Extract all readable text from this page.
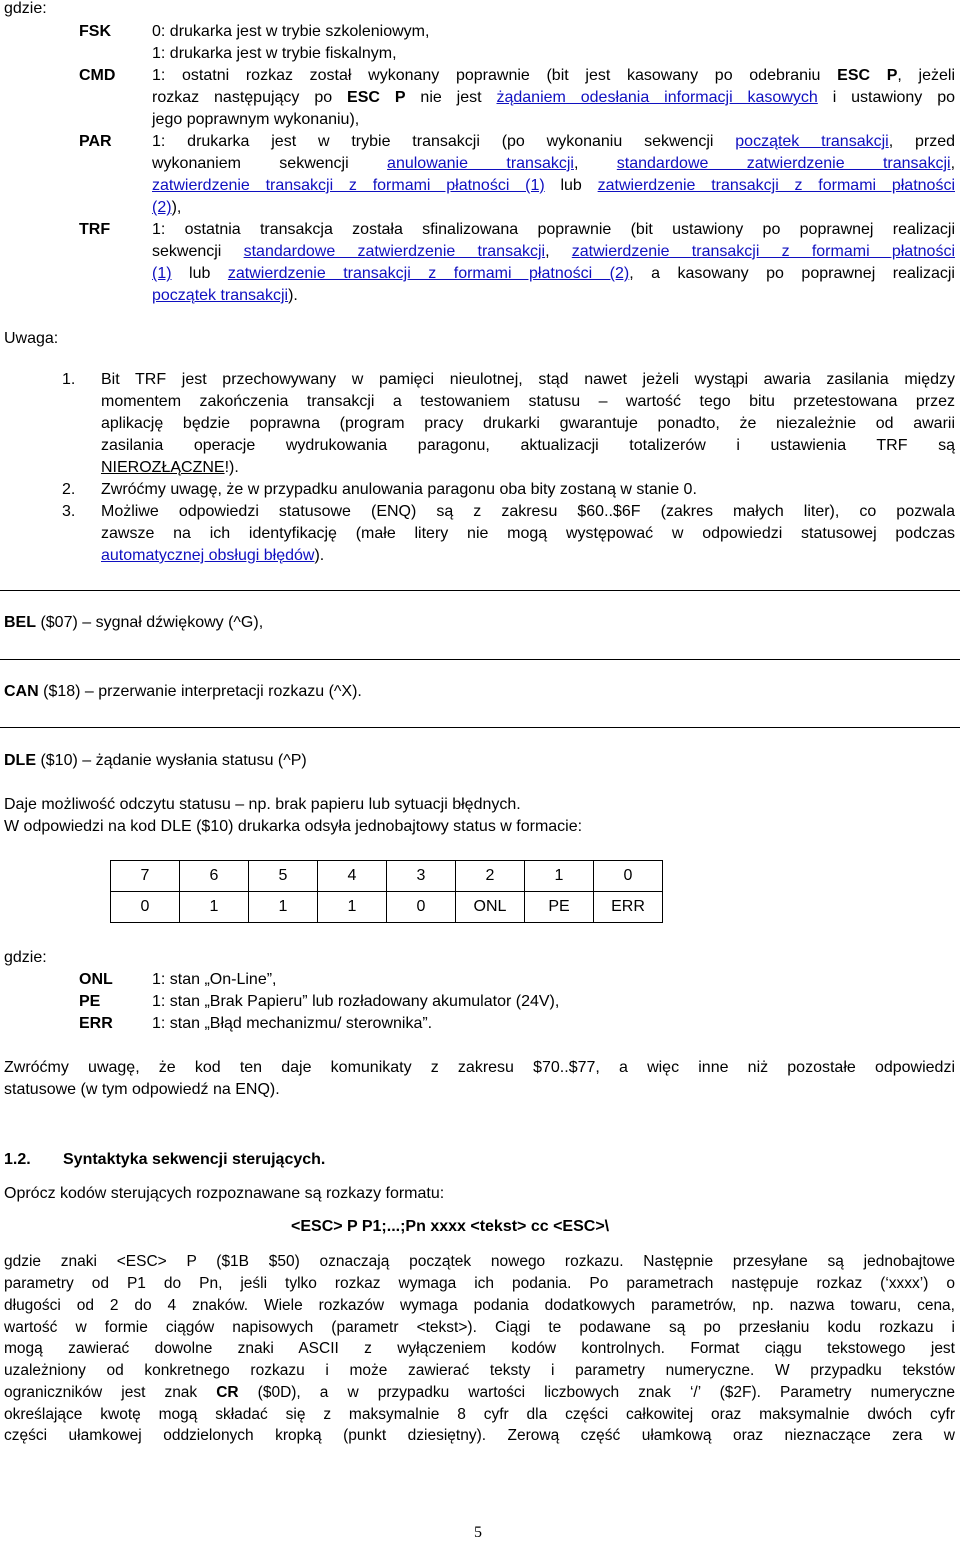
gdzie:
FSK	0: drukarka jest w trybie szkoleniowym,
1: drukarka jest w trybie fiskalnym,
CMD 1: ostatni rozkaz został wykonany poprawnie (bit jest kasowany po odebraniu ESC P, jeżeli
rozkaz następujący po ESC P nie jest żądaniem odesłania informacji kasowych i ustawiony po
jego poprawnym wykonaniu),
PAR	1: drukarka jest w trybie transakcji (po wykonaniu sekwencji początek transakcji, przed
wykonaniem sekwencji anulowanie transakcji, standardowe zatwierdzenie transakcji,
zatwierdzenie transakcji z formami płatności (1) lub zatwierdzenie transakcji z formami płatności
(2)),
TRF	1: ostatnia transakcja została sfinalizowana poprawnie (bit ustawiony po poprawnej realizacji
sekwencji standardowe zatwierdzenie transakcji, zatwierdzenie transakcji z formami płatności
(1) lub zatwierdzenie transakcji z formami płatności (2), a kasowany po poprawnej realizacji
początek transakcji).
Uwaga:
1. Bit TRF jest przechowywany w pamięci nieulotnej, stąd nawet jeżeli wystąpi awaria zasilania między
momentem zakończenia transakcji a testowaniem statusu – wartość tego bitu przetestowana przez
aplikację będzie poprawna (program pracy drukarki gwarantuje ponadto, że niezależnie od awarii
zasilania operacje wydrukowania paragonu, aktualizacji totalizerów i ustawienia TRF są
NIEROZŁĄCZNE!).
2. Zwróćmy uwagę, że w przypadku anulowania paragonu oba bity zostaną w stanie 0.
3. Możliwe odpowiedzi statusowe (ENQ) są z zakresu $60..$6F (zakres małych liter), co pozwala
zawsze na ich identyfikację (małe litery nie mogą występować w odpowiedzi statusowej podczas
automatycznej obsługi błędów).
BEL ($07) – sygnał dźwiękowy (^G),
CAN ($18) – przerwanie interpretacji rozkazu (^X).
DLE ($10) – żądanie wysłania statusu (^P)
Daje możliwość odczytu statusu – np. brak papieru lub sytuacji błędnych.
W odpowiedzi na kod DLE ($10) drukarka odsyła jednobajtowy status w formacie:
7	6	5	4	3	2	1	0
0	1	1	1	0	ONL	PE	ERR
gdzie:
ONL 1: stan „On-Line”,
PE	1: stan „Brak Papieru” lub rozładowany akumulator (24V),
ERR 1: stan „Błąd mechanizmu/ sterownika”.
Zwróćmy uwagę, że kod ten daje komunikaty z zakresu $70..$77, a więc inne niż pozostałe odpowiedzi
statusowe (w tym odpowiedź na ENQ).
1.2. Syntaktyka sekwencji sterujących.
Oprócz kodów sterujących rozpoznawane są rozkazy formatu:
<ESC> P P1;...;Pn xxxx <tekst> cc <ESC>\
gdzie znaki <ESC> P ($1B $50) oznaczają początek nowego rozkazu. Następnie przesyłane są jednobajtowe
parametry od P1 do Pn, jeśli tylko rozkaz wymaga ich podania. Po parametrach następuje rozkaz (‘xxxx’) o
długości od 2 do 4 znaków. Wiele rozkazów wymaga podania dodatkowych parametrów, np. nazwa towaru, cena,
wartość w formie ciągów napisowych (parametr <tekst>). Ciągi te podawane są po przesłaniu kodu rozkazu i
mogą zawierać dowolne znaki ASCII z wyłączeniem kodów kontrolnych. Format ciągu tekstowego jest
uzależniony od konkretnego rozkazu i może zawierać teksty i parametry numeryczne. W przypadku tekstów
ograniczników jest znak CR ($0D), a w przypadku wartości liczbowych znak ‘/’ ($2F). Parametry numeryczne
określające kwotę mogą składać się z maksymalnie 8 cyfr dla części całkowitej oraz maksymalnie dwóch cyfr
części ułamkowej oddzielonych kropką (punkt dziesiętny). Zerową część ułamkową oraz nieznaczące zera w
5
